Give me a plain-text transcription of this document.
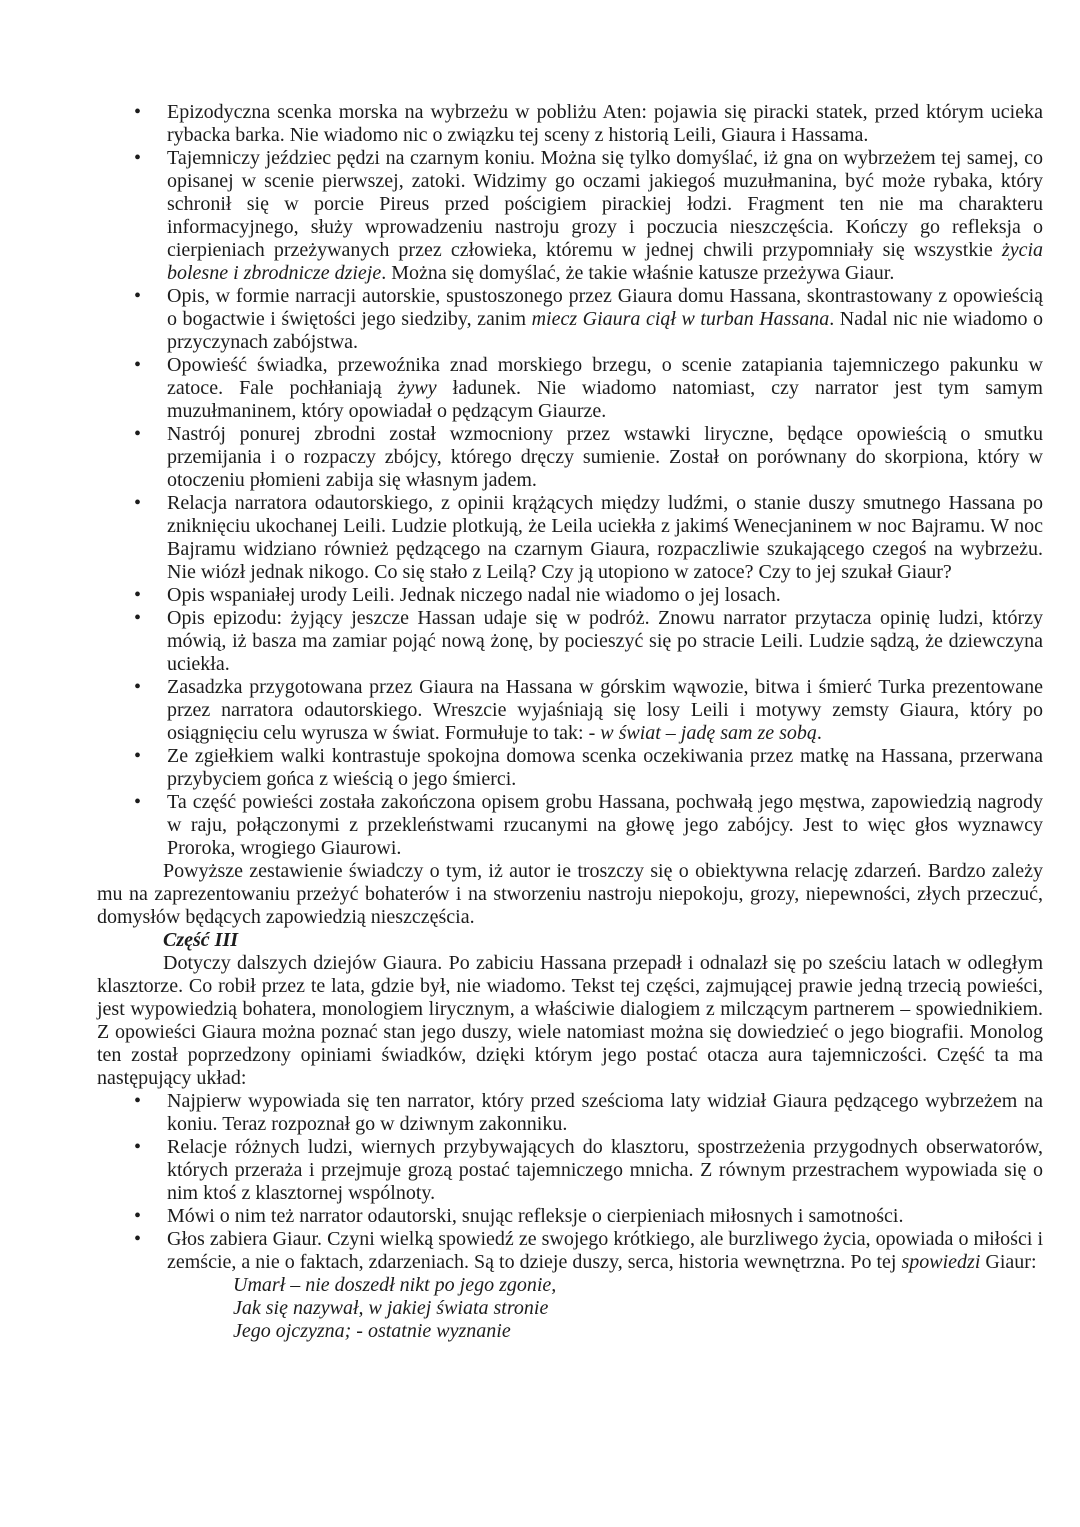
• Epizodyczna scenka morska na wybrzeżu w pobliżu Aten: pojawia się piracki statek, przed którym ucieka rybacka barka. Nie wiadomo nic o związku tej sceny z historią Leili, Giaura i Hassama.
• Tajemniczy jeździec pędzi na czarnym koniu. Można się tylko domyślać, iż gna on wybrzeżem tej samej, co opisanej w scenie pierwszej, zatoki. Widzimy go oczami jakiegoś muzułmanina, być może rybaka, który schronił się w porcie Pireus przed pościgiem pirackiej łodzi. Fragment ten nie ma charakteru informacyjnego, służy wprowadzeniu nastroju grozy i poczucia nieszczęścia. Kończy go refleksja o cierpieniach przeżywanych przez człowieka, któremu w jednej chwili przypomniały się wszystkie życia bolesne i zbrodnicze dzieje. Można się domyślać, że takie właśnie katusze przeżywa Giaur.
• Opis, w formie narracji autorskie, spustoszonego przez Giaura domu Hassana, skontrastowany z opowieścią o bogactwie i świętości jego siedziby, zanim miecz Giaura ciął w turban Hassana. Nadal nic nie wiadomo o przyczynach zabójstwa.
• Opowieść świadka, przewoźnika znad morskiego brzegu, o scenie zatapiania tajemniczego pakunku w zatoce. Fale pochłaniają żywy ładunek. Nie wiadomo natomiast, czy narrator jest tym samym muzułmaninem, który opowiadał o pędzącym Giaurze.
• Nastrój ponurej zbrodni został wzmocniony przez wstawki liryczne, będące opowieścią o smutku przemijania i o rozpaczy zbójcy, którego dręczy sumienie. Został on porównany do skorpiona, który w otoczeniu płomieni zabija się własnym jadem.
• Relacja narratora odautorskiego, z opinii krążących między ludźmi, o stanie duszy smutnego Hassana po zniknięciu ukochanej Leili. Ludzie plotkują, że Leila uciekła z jakimś Wenecjaninem w noc Bajramu. W noc Bajramu widziano również pędzącego na czarnym Giaura, rozpaczliwie szukającego czegoś na wybrzeżu. Nie wiózł jednak nikogo. Co się stało z Leilą? Czy ją utopiono w zatoce? Czy to jej szukał Giaur?
• Opis wspaniałej urody Leili. Jednak niczego nadal nie wiadomo o jej losach.
• Opis epizodu: żyjący jeszcze Hassan udaje się w podróż. Znowu narrator przytacza opinię ludzi, którzy mówią, iż basza ma zamiar pojąć nową żonę, by pocieszyć się po stracie Leili. Ludzie sądzą, że dziewczyna uciekła.
• Zasadzka przygotowana przez Giaura na Hassana w górskim wąwozie, bitwa i śmierć Turka prezentowane przez narratora odautorskiego. Wreszcie wyjaśniają się losy Leili i motywy zemsty Giaura, który po osiągnięciu celu wyrusza w świat. Formułuje to tak: - w świat – jadę sam ze sobą.
• Ze zgiełkiem walki kontrastuje spokojna domowa scenka oczekiwania przez matkę na Hassana, przerwana przybyciem gońca z wieścią o jego śmierci.
• Ta część powieści została zakończona opisem grobu Hassana, pochwałą jego męstwa, zapowiedzią nagrody w raju, połączonymi z przekleństwami rzucanymi na głowę jego zabójcy. Jest to więc głos wyznawcy Proroka, wrogiego Giaurowi.
Powyższe zestawienie świadczy o tym, iż autor ie troszczy się o obiektywna relację zdarzeń. Bardzo zależy mu na zaprezentowaniu przeżyć bohaterów i na stworzeniu nastroju niepokoju, grozy, niepewności, złych przeczuć, domysłów będących zapowiedzią nieszczęścia.
Część III
Dotyczy dalszych dziejów Giaura. Po zabiciu Hassana przepadł i odnalazł się po sześciu latach w odległym klasztorze. Co robił przez te lata, gdzie był, nie wiadomo. Tekst tej części, zajmującej prawie jedną trzecią powieści, jest wypowiedzią bohatera, monologiem lirycznym, a właściwie dialogiem z milczącym partnerem – spowiednikiem. Z opowieści Giaura można poznać stan jego duszy, wiele natomiast można się dowiedzieć o jego biografii. Monolog ten został poprzedzony opiniami świadków, dzięki którym jego postać otacza aura tajemniczości. Część ta ma następujący układ:
• Najpierw wypowiada się ten narrator, który przed sześcioma laty widział Giaura pędzącego wybrzeżem na koniu. Teraz rozpoznał go w dziwnym zakonniku.
• Relacje różnych ludzi, wiernych przybywających do klasztoru, spostrzeżenia przygodnych obserwatorów, których przeraża i przejmuje grozą postać tajemniczego mnicha. Z równym przestrachem wypowiada się o nim ktoś z klasztornej wspólnoty.
• Mówi o nim też narrator odautorski, snując refleksje o cierpieniach miłosnych i samotności.
• Głos zabiera Giaur. Czyni wielką spowiedź ze swojego krótkiego, ale burzliwego życia, opowiada o miłości i zemście, a nie o faktach, zdarzeniach. Są to dzieje duszy, serca, historia wewnętrzna. Po tej spowiedzi Giaur:
Umarł – nie doszedł nikt po jego zgonie,
Jak się nazywał, w jakiej świata stronie
Jego ojczyzna; - ostatnie wyznanie
